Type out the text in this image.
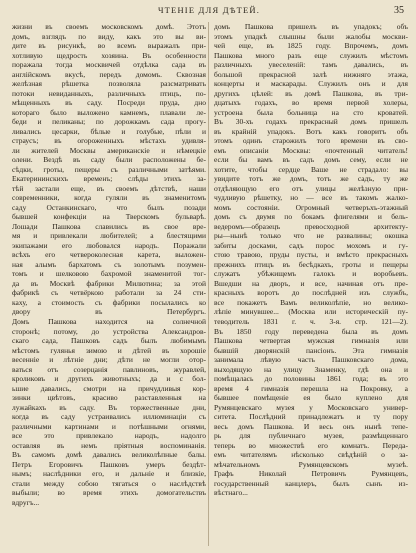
ЧТЕНІЕ ДЛЯ ДѢТЕЙ.	35
жизни въ своемъ московскомъ домѣ. Этотъ
домъ, взглядъ по виду, какъ это вы ви-
дите въ рисункѣ, во всемъ выражалъ при-
хотливую щедрость хозяина. Въ особенности
поражала тогда москвичей отдѣлка сада въ
англійскомъ вкусѣ, передъ домомъ. Сквозная
желѣзная рѣшетка позволяла разсматривать
потоки невиданныхъ, различныхъ птицъ, по-
мѣщенныхъ въ саду. Посреди пруда, дно
котораго было выложено камнемъ, плавали ле-
беди и пеликаны; по дорожкамъ сада прогу-
ливались цесарки, бѣлые и голубые, пѣли и
страусъ; въ огороженныхъ мѣстахъ удивля-
ли жителей Москвы американскіе и нѣмецкіе
олени. Вездѣ въ саду были расположены бе-
сѣдки, гроты, пещеры съ различными затѣями.
Екатерининскихъ временъ; слѣды этихъ за-
тѣй застали еще, въ своемъ дѣтствѣ, наши
современники, когда гуляли въ знаменитомъ
саду Останкинскаго, что былъ позади
бывшей конфекціи на Тверскомъ бульварѣ.
Лошади Пашкова славились въ свое вре-
мя и привлекали любителей; а блестящими
экипажами его любовался народъ. Поражали
всѣхъ его четвероколесная карета, выложен-
ная алымъ бархатомъ съ золотымъ позумен-
томъ и шелковою бахромой знаменитой тог-
да въ Москвѣ фабрики Милютина; за этой
фабрикѣ съ четвёркою работали за 24 сти-
каху, а стоимость съ фабрики посылались ко
двору въ Петербургъ.
Домъ Пашкова находится на солнечной
сторонѣ; потому, до устройства Александров-
скаго сада, Пашковъ садъ былъ любимымъ
мѣстомъ гулянья зимою и дѣтей въ хорошіе
весенніе и лѣтніе дни; дѣти не могли отор-
ваться отъ созерцанія павлиновъ, журавлей,
кроликовъ и другихъ животныхъ; да и с бол-
ьшие давались, смотри на причудливыя кор-
зинки цвѣтовъ, красиво разставленныя на
лужайкахъ въ саду. Въ торжественные дни,
когда въ саду устраивались иллюминаціи съ
различными картинами и потѣшными огнями,
все это привлекало народъ, надолго
оставляя въ немъ пріятныя воспоминанія.
Въ самомъ домѣ давались великолѣпные балы.
Петръ Егоровичъ Пашковъ умеръ бездѣт-
нымъ; наслѣдники его, и дальніе и близкіе,
стали между собою тягаться о наслѣдствѣ
выбыли; во время этихъ домогательствъ
вдругъ...
домъ Пашкова пришелъ въ упадокъ; объ
этомъ упадкѣ слышны были жалобы москви-
чей еще, въ 1825 году. Впрочемъ, домъ
Пашкова много разъ еще служилъ мѣстомъ
различныхъ увеселеній: тамъ давались, въ
большой прекрасной залѣ нижняго этажа,
концерты и маскарады. Служилъ онъ и для
другихъ цѣлей: въ домѣ Пашкова, въ три-
дцатыхъ годахъ, во время первой холеры,
устроена была больница на сто кроватей.
Въ 30-хъ годахъ прекрасный домъ пришелъ
въ крайній упадокъ. Вотъ какъ говоритъ объ
этомъ одинъ старожилъ того времени въ сво-
емъ описаніи Москвы: «почтенный читатель!
если бы вамъ въ садъ домъ сему, если не
хотите, чтобы сердце Ваше не страдало: вы
увидите тотъ же домъ, тотъ же садъ, ту же
отдѣляющую его отъ улицы желѣзную при-
чудливую рѣшетку, но — все въ такомъ жалко-
момъ состояніи. Огромный четверъхъ-этажный
домъ съ двумя по бокамъ флигелями и бель-
ведеромъ—образецъ превосходной архитекту-
ры—нынѣ только что не развалины; окошка
забиты досками, садъ порос мохомъ и гу-
стою травою, пруды пусты, и вмѣсто прекрасныхъ
прежнихъ птицъ въ бесѣдкахъ, гроты и пещеры
служатъ убѣжищемъ галокъ и воробьевъ.
Вшедши на дворъ, и все, начиная отъ пре-
красныхъ воротъ до послѣдней изъ службъ,
все покажетъ Вамъ великолѣпіе, но велико-
лѣпіе минувшее... (Москва или историческій пу-
теводитель 1831 г. ч. 3-я. стр. 121—2).
Въ 1850 году переведена была въ домъ
Пашкова четвертая мужская гимназія или
бывшій дворянскій пансіонъ. Эта гимназія
занимала лѣвую часть Пашковскаго дома,
выходящую на улицу Знаменку, гдѣ она и
помѣщалась до половины 1861 года; въ это
время 4 гимназія перешла на Покровку, а
бывшее помѣщеніе ея было куплено для
Румянцевскаго музея у Московскаго универ-
ситета. Послѣдний принадлежатъ и ту пору
весь домъ Пашкова. И весь онъ нынѣ тепе-
рь для публичнаго музея, размѣщеннаго
теперь во множествѣ его комнатъ. Переда-
емъ читателямъ нѣсколько свѣдѣній о за-
мѣчательномъ Румянцевскомъ музеѣ.
Графъ Николай Петровичъ Румянцевъ,
государственный канцлеръ, былъ сынъ из-
вѣстнаго...
